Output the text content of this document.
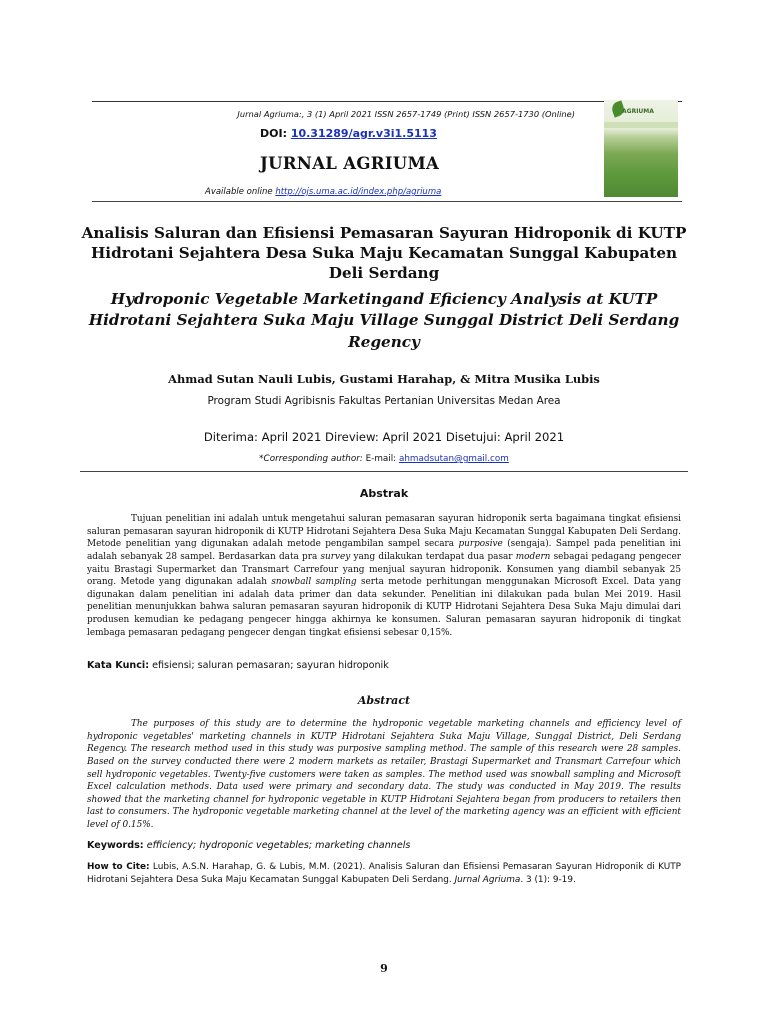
Jurnal Agriuma:, 3 (1) April 2021 ISSN 2657-1749 (Print) ISSN 2657-1730 (Online)
DOI: 10.31289/agr.v3i1.5113
JURNAL AGRIUMA
Available online http://ojs.uma.ac.id/index.php/agriuma
AGRIUMA
Analisis Saluran dan Efisiensi Pemasaran Sayuran Hidroponik di KUTP Hidrotani Sejahtera Desa Suka Maju Kecamatan Sunggal Kabupaten Deli Serdang
Hydroponic Vegetable Marketingand Eficiency Analysis at KUTP Hidrotani Sejahtera Suka Maju Village Sunggal District Deli Serdang Regency
Ahmad Sutan Nauli Lubis, Gustami Harahap, & Mitra Musika Lubis
Program Studi Agribisnis Fakultas Pertanian Universitas Medan Area
Diterima: April 2021 Direview: April 2021 Disetujui: April 2021
*Corresponding author: E-mail: ahmadsutan@gmail.com
Abstrak

Tujuan penelitian ini adalah untuk mengetahui saluran pemasaran sayuran hidroponik serta bagaimana tingkat efisiensi saluran pemasaran sayuran hidroponik di KUTP Hidrotani Sejahtera Desa Suka Maju Kecamatan Sunggal Kabupaten Deli Serdang. Metode penelitian yang digunakan adalah metode pengambilan sampel secara purposive (sengaja). Sampel pada penelitian ini adalah sebanyak 28 sampel. Berdasarkan data pra survey yang dilakukan terdapat dua pasar modern sebagai pedagang pengecer yaitu Brastagi Supermarket dan Transmart Carrefour yang menjual sayuran hidroponik. Konsumen yang diambil sebanyak 25 orang. Metode yang digunakan adalah snowball sampling serta metode perhitungan menggunakan Microsoft Excel. Data yang digunakan dalam penelitian ini adalah data primer dan data sekunder. Penelitian ini dilakukan pada bulan Mei 2019. Hasil penelitian menunjukkan bahwa saluran pemasaran sayuran hidroponik di KUTP Hidrotani Sejahtera Desa Suka Maju dimulai dari produsen kemudian ke pedagang pengecer hingga akhirnya ke konsumen. Saluran pemasaran sayuran hidroponik di tingkat lembaga pemasaran pedagang pengecer dengan tingkat efisiensi sebesar 0,15%.

Kata Kunci: efisiensi; saluran pemasaran; sayuran hidroponik
Abstract

The purposes of this study are to determine the hydroponic vegetable marketing channels and efficiency level of hydroponic vegetables' marketing channels in KUTP Hidrotani Sejahtera Suka Maju Village, Sunggal District, Deli Serdang Regency. The research method used in this study was purposive sampling method. The sample of this research were 28 samples. Based on the survey conducted there were 2 modern markets as retailer, Brastagi Supermarket and Transmart Carrefour which sell hydroponic vegetables. Twenty-five customers were taken as samples. The method used was snowball sampling and Microsoft Excel calculation methods. Data used were primary and secondary data. The study was conducted in May 2019. The results showed that the marketing channel for hydroponic vegetable in KUTP Hidrotani Sejahtera began from producers to retailers then last to consumers. The hydroponic vegetable marketing channel at the level of the marketing agency was an efficient with efficient level of 0.15%.

Keywords: efficiency; hydroponic vegetables; marketing channels
How to Cite: Lubis, A.S.N. Harahap, G. & Lubis, M.M. (2021). Analisis Saluran dan Efisiensi Pemasaran Sayuran Hidroponik di KUTP Hidrotani Sejahtera Desa Suka Maju Kecamatan Sunggal Kabupaten Deli Serdang. Jurnal Agriuma. 3 (1): 9-19.
9
